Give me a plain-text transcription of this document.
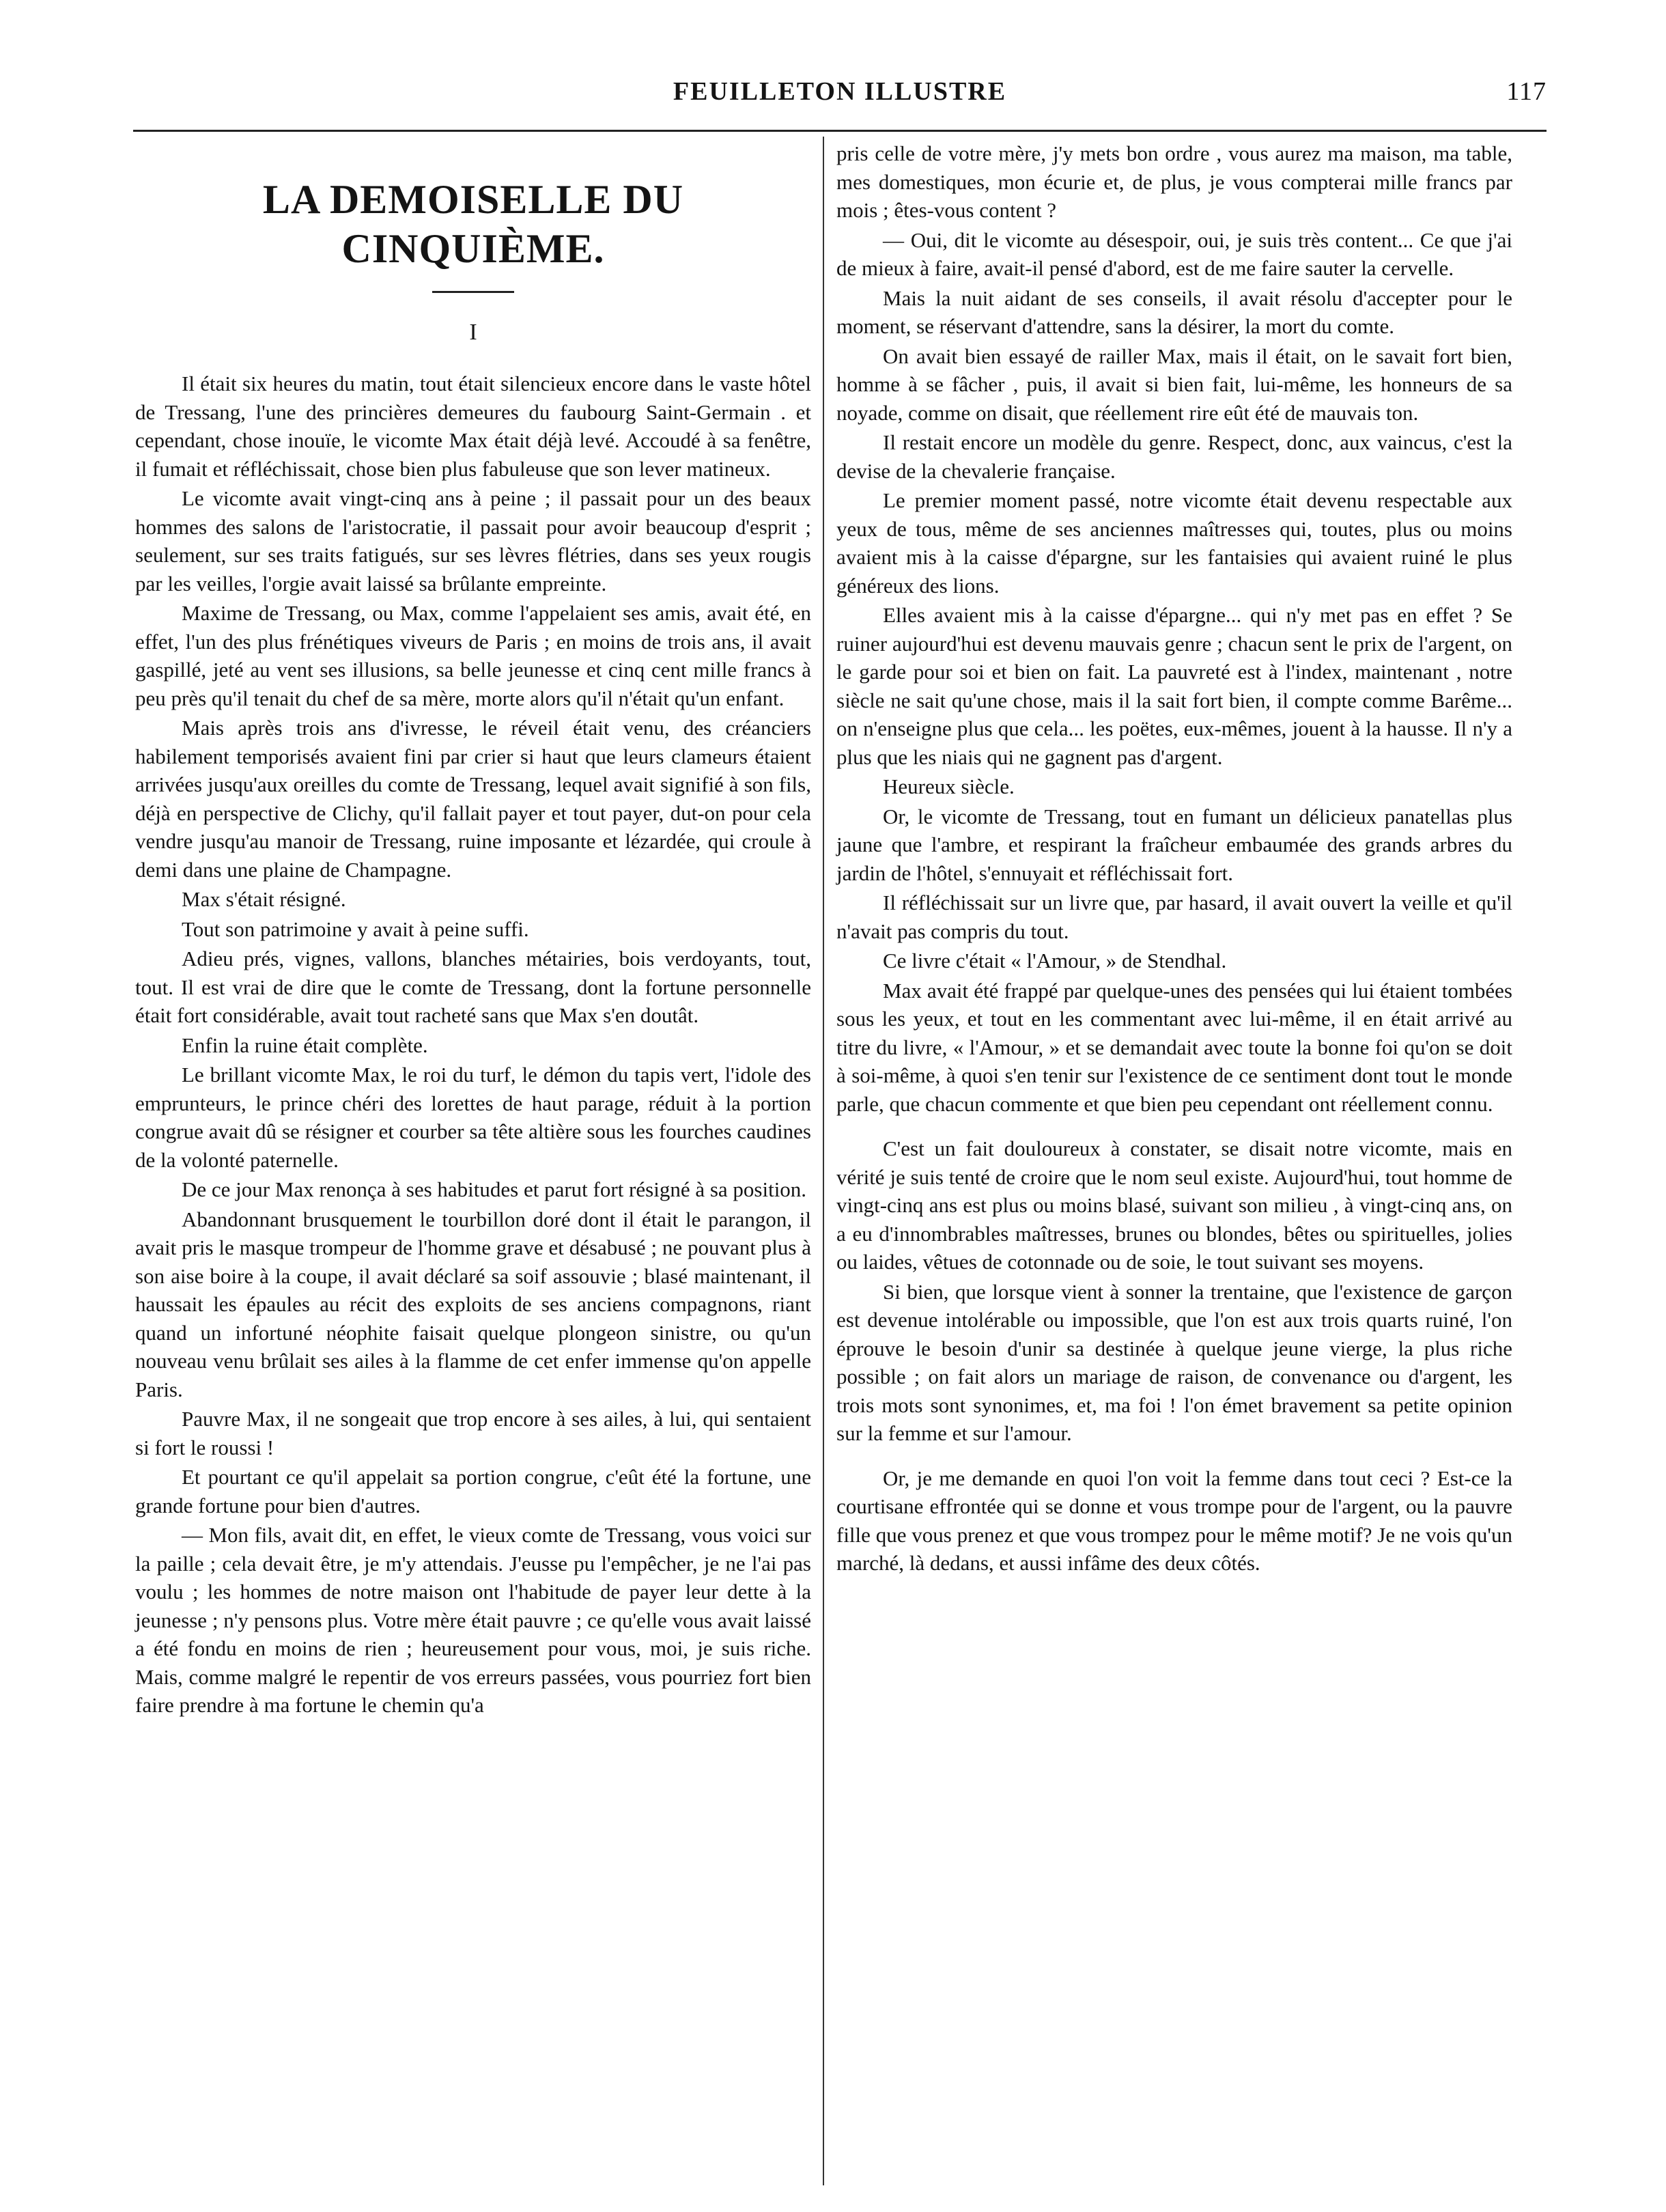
FEUILLETON ILLUSTRE	117
LA DEMOISELLE DU CINQUIÈME.
I

Il était six heures du matin, tout était silencieux encore dans le vaste hôtel de Tressang, l'une des princières demeures du faubourg Saint-Germain . et cependant, chose inouïe, le vicomte Max était déjà levé. Accoudé à sa fenêtre, il fumait et réfléchissait, chose bien plus fabuleuse que son lever matineux.

Le vicomte avait vingt-cinq ans à peine ; il passait pour un des beaux hommes des salons de l'aristocratie, il passait pour avoir beaucoup d'esprit ; seulement, sur ses traits fatigués, sur ses lèvres flétries, dans ses yeux rougis par les veilles, l'orgie avait laissé sa brûlante empreinte.

Maxime de Tressang, ou Max, comme l'appelaient ses amis, avait été, en effet, l'un des plus frénétiques viveurs de Paris ; en moins de trois ans, il avait gaspillé, jeté au vent ses illusions, sa belle jeunesse et cinq cent mille francs à peu près qu'il tenait du chef de sa mère, morte alors qu'il n'était qu'un enfant.

Mais après trois ans d'ivresse, le réveil était venu, des créanciers habilement temporisés avaient fini par crier si haut que leurs clameurs étaient arrivées jusqu'aux oreilles du comte de Tressang, lequel avait signifié à son fils, déjà en perspective de Clichy, qu'il fallait payer et tout payer, dut-on pour cela vendre jusqu'au manoir de Tressang, ruine imposante et lézardée, qui croule à demi dans une plaine de Champagne.

Max s'était résigné.

Tout son patrimoine y avait à peine suffi.

Adieu prés, vignes, vallons, blanches métairies, bois verdoyants, tout, tout. Il est vrai de dire que le comte de Tressang, dont la fortune personnelle était fort considérable, avait tout racheté sans que Max s'en doutât.

Enfin la ruine était complète.

Le brillant vicomte Max, le roi du turf, le démon du tapis vert, l'idole des emprunteurs, le prince chéri des lorettes de haut parage, réduit à la portion congrue avait dû se résigner et courber sa tête altière sous les fourches caudines de la volonté paternelle.

De ce jour Max renonça à ses habitudes et parut fort résigné à sa position.

Abandonnant brusquement le tourbillon doré dont il était le parangon, il avait pris le masque trompeur de l'homme grave et désabusé ; ne pouvant plus à son aise boire à la coupe, il avait déclaré sa soif assouvie ; blasé maintenant, il haussait les épaules au récit des exploits de ses anciens compagnons, riant quand un infortuné néophite faisait quelque plongeon sinistre, ou qu'un nouveau venu brûlait ses ailes à la flamme de cet enfer immense qu'on appelle Paris.

Pauvre Max, il ne songeait que trop encore à ses ailes, à lui, qui sentaient si fort le roussi !

Et pourtant ce qu'il appelait sa portion congrue, c'eût été la fortune, une grande fortune pour bien d'autres.

— Mon fils, avait dit, en effet, le vieux comte de Tressang, vous voici sur la paille ; cela devait être, je m'y attendais. J'eusse pu l'empêcher, je ne l'ai pas voulu ; les hommes de notre maison ont l'habitude de payer leur dette à la jeunesse ; n'y pensons plus. Votre mère était pauvre ; ce qu'elle vous avait laissé a été fondu en moins de rien ; heureusement pour vous, moi, je suis riche. Mais, comme malgré le repentir de vos erreurs passées, vous pourriez fort bien faire prendre à ma fortune le chemin qu'a

pris celle de votre mère, j'y mets bon ordre , vous aurez ma maison, ma table, mes domestiques, mon écurie et, de plus, je vous compterai mille francs par mois ; êtes-vous content ?

— Oui, dit le vicomte au désespoir, oui, je suis très content... Ce que j'ai de mieux à faire, avait-il pensé d'abord, est de me faire sauter la cervelle.

Mais la nuit aidant de ses conseils, il avait résolu d'accepter pour le moment, se réservant d'attendre, sans la désirer, la mort du comte.

On avait bien essayé de railler Max, mais il était, on le savait fort bien, homme à se fâcher , puis, il avait si bien fait, lui-même, les honneurs de sa noyade, comme on disait, que réellement rire eût été de mauvais ton.

Il restait encore un modèle du genre. Respect, donc, aux vaincus, c'est la devise de la chevalerie française.

Le premier moment passé, notre vicomte était devenu respectable aux yeux de tous, même de ses anciennes maîtresses qui, toutes, plus ou moins avaient mis à la caisse d'épargne, sur les fantaisies qui avaient ruiné le plus généreux des lions.

Elles avaient mis à la caisse d'épargne... qui n'y met pas en effet ? Se ruiner aujourd'hui est devenu mauvais genre ; chacun sent le prix de l'argent, on le garde pour soi et bien on fait. La pauvreté est à l'index, maintenant , notre siècle ne sait qu'une chose, mais il la sait fort bien, il compte comme Barême... on n'enseigne plus que cela... les poëtes, eux-mêmes, jouent à la hausse. Il n'y a plus que les niais qui ne gagnent pas d'argent.

Heureux siècle.

Or, le vicomte de Tressang, tout en fumant un délicieux panatellas plus jaune que l'ambre, et respirant la fraîcheur embaumée des grands arbres du jardin de l'hôtel, s'ennuyait et réfléchissait fort.

Il réfléchissait sur un livre que, par hasard, il avait ouvert la veille et qu'il n'avait pas compris du tout.

Ce livre c'était « l'Amour, » de Stendhal.

Max avait été frappé par quelque-unes des pensées qui lui étaient tombées sous les yeux, et tout en les commentant avec lui-même, il en était arrivé au titre du livre, « l'Amour, » et se demandait avec toute la bonne foi qu'on se doit à soi-même, à quoi s'en tenir sur l'existence de ce sentiment dont tout le monde parle, que chacun commente et que bien peu cependant ont réellement connu.

C'est un fait douloureux à constater, se disait notre vicomte, mais en vérité je suis tenté de croire que le nom seul existe. Aujourd'hui, tout homme de vingt-cinq ans est plus ou moins blasé, suivant son milieu , à vingt-cinq ans, on a eu d'innombrables maîtresses, brunes ou blondes, bêtes ou spirituelles, jolies ou laides, vêtues de cotonnade ou de soie, le tout suivant ses moyens.

Si bien, que lorsque vient à sonner la trentaine, que l'existence de garçon est devenue intolérable ou impossible, que l'on est aux trois quarts ruiné, l'on éprouve le besoin d'unir sa destinée à quelque jeune vierge, la plus riche possible ; on fait alors un mariage de raison, de convenance ou d'argent, les trois mots sont synonimes, et, ma foi ! l'on émet bravement sa petite opinion sur la femme et sur l'amour.

Or, je me demande en quoi l'on voit la femme dans tout ceci ? Est-ce la courtisane effrontée qui se donne et vous trompe pour de l'argent, ou la pauvre fille que vous prenez et que vous trompez pour le même motif? Je ne vois qu'un marché, là dedans, et aussi infâme des deux côtés.
